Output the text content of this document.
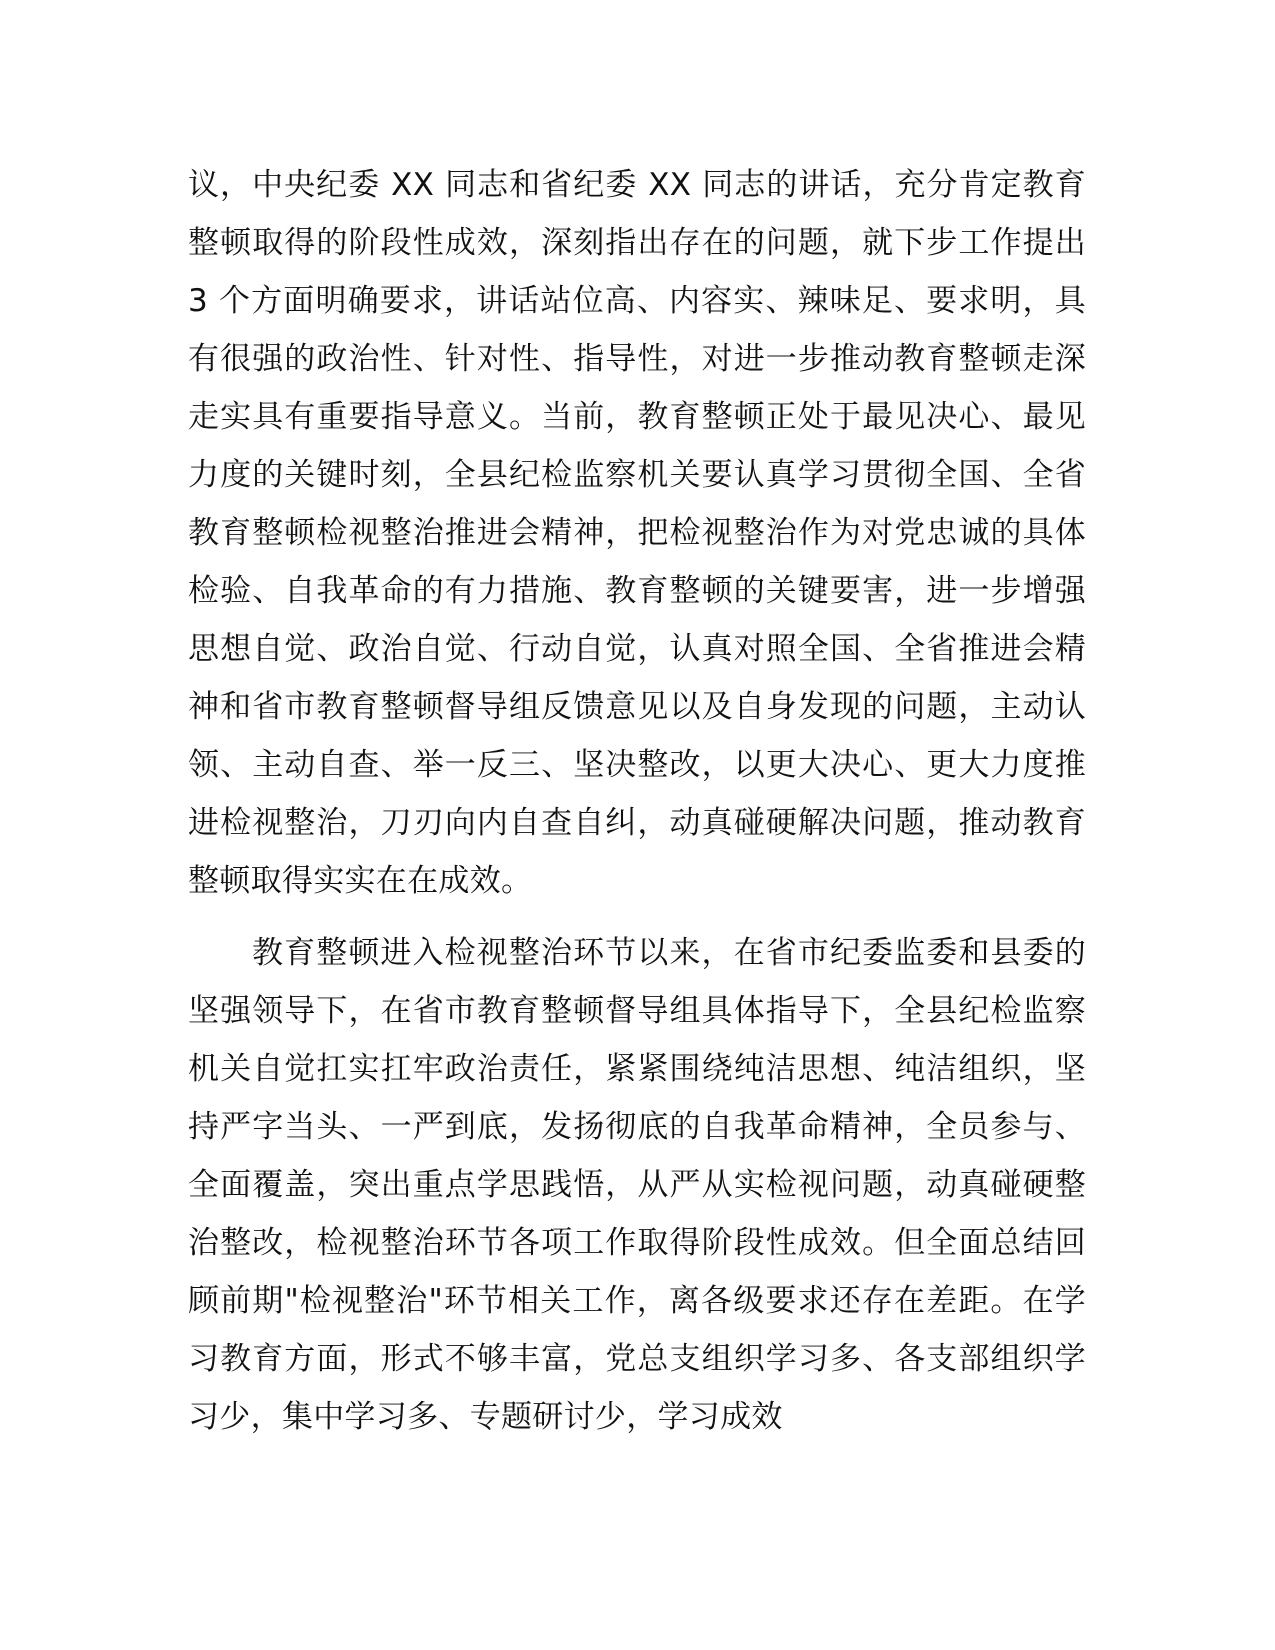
议，中央纪委 XX 同志和省纪委 XX 同志的讲话，充分肯定教育整顿取得的阶段性成效，深刻指出存在的问题，就下步工作提出 3 个方面明确要求，讲话站位高、内容实、辣味足、要求明，具有很强的政治性、针对性、指导性，对进一步推动教育整顿走深走实具有重要指导意义。当前，教育整顿正处于最见决心、最见力度的关键时刻，全县纪检监察机关要认真学习贯彻全国、全省教育整顿检视整治推进会精神，把检视整治作为对党忠诚的具体检验、自我革命的有力措施、教育整顿的关键要害，进一步增强思想自觉、政治自觉、行动自觉，认真对照全国、全省推进会精神和省市教育整顿督导组反馈意见以及自身发现的问题，主动认领、主动自查、举一反三、坚决整改，以更大决心、更大力度推进检视整治，刀刃向内自查自纠，动真碰硬解决问题，推动教育整顿取得实实在在成效。

教育整顿进入检视整治环节以来，在省市纪委监委和县委的坚强领导下，在省市教育整顿督导组具体指导下，全县纪检监察机关自觉扛实扛牢政治责任，紧紧围绕纯洁思想、纯洁组织，坚持严字当头、一严到底，发扬彻底的自我革命精神，全员参与、全面覆盖，突出重点学思践悟，从严从实检视问题，动真碰硬整治整改，检视整治环节各项工作取得阶段性成效。但全面总结回顾前期"检视整治"环节相关工作，离各级要求还存在差距。在学习教育方面，形式不够丰富，党总支组织学习多、各支部组织学习少，集中学习多、专题研讨少，学习成效
